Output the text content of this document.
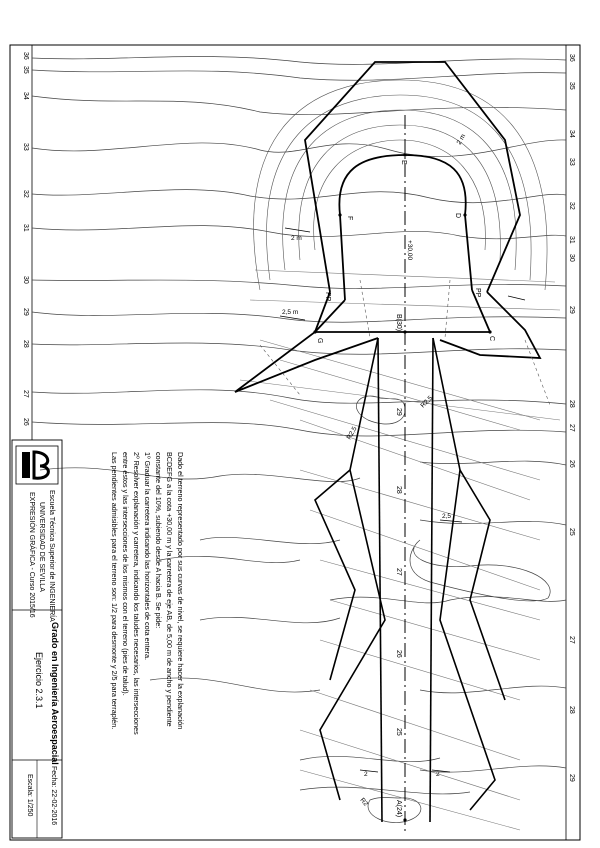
E
F
D
G	C
B(30)
A(24)
PP	PP
+30,00
R2,5
R2,5
R2
2 m
2 m
2,5 m
2,5
2	2
36
35
34
33
32
31
30
29
28
27
26
36
35
34
33
32
31
30
29
28
27
26
25
27
28
29
29
28
27
26
25
Dado el terreno representado por sus curvas de nivel, se requiere hacer la explanación
BCDEFG a la cota +30,00 m y la carretera de eje AB, de 5,00 m de ancho y pendiente
constante del 10%, subiendo desde A hacia B. Se pide:
1º Graduar la carretera indicando las horizontales de cota entera.
2º Resolver explanación y carretera, indicando los taludes necesarios, las intersecciones
entre éstos y las intersecciones de los mismos con el terreno (pies de talud).
Las pendientes admisibles para el terreno son: 1/2 para desmonte y 2/5 para terraplén.
Escuela Técnica Superior de INGENIERÍA
UNIVERSIDAD DE SEVILLA
EXPRESIÓN GRÁFICA - Curso 2015/16
Grado en Ingeniería Aeroespacial
Ejercicio 2.3.1
Fecha: 22-02-2016
Escala: 1/250
